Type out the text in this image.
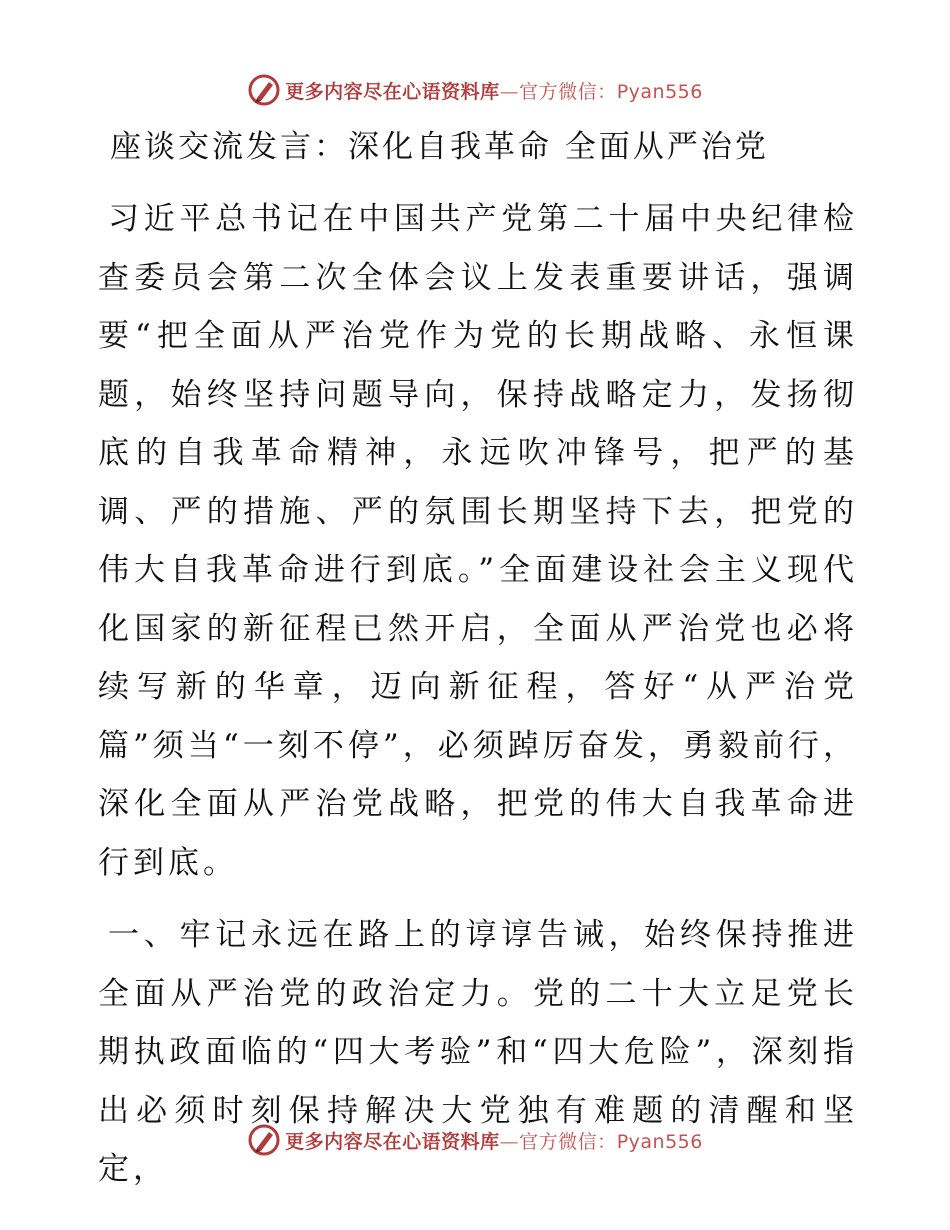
更多内容尽在心语资料库—官方微信：Pyan556
座谈交流发言：深化自我革命 全面从严治党

习近平总书记在中国共产党第二十届中央纪律检查委员会第二次全体会议上发表重要讲话，强调要“把全面从严治党作为党的长期战略、永恒课题，始终坚持问题导向，保持战略定力，发扬彻底的自我革命精神，永远吹冲锋号，把严的基调、严的措施、严的氛围长期坚持下去，把党的伟大自我革命进行到底。”全面建设社会主义现代化国家的新征程已然开启，全面从严治党也必将续写新的华章，迈向新征程，答好“从严治党篇”须当“一刻不停”，必须踔厉奋发，勇毅前行，深化全面从严治党战略，把党的伟大自我革命进行到底。

一、牢记永远在路上的谆谆告诫，始终保持推进全面从严治党的政治定力。党的二十大立足党长期执政面临的“四大考验”和“四大危险”，深刻指出必须时刻保持解决大党独有难题的清醒和坚定，

更多内容尽在心语资料库—官方微信：Pyan556
